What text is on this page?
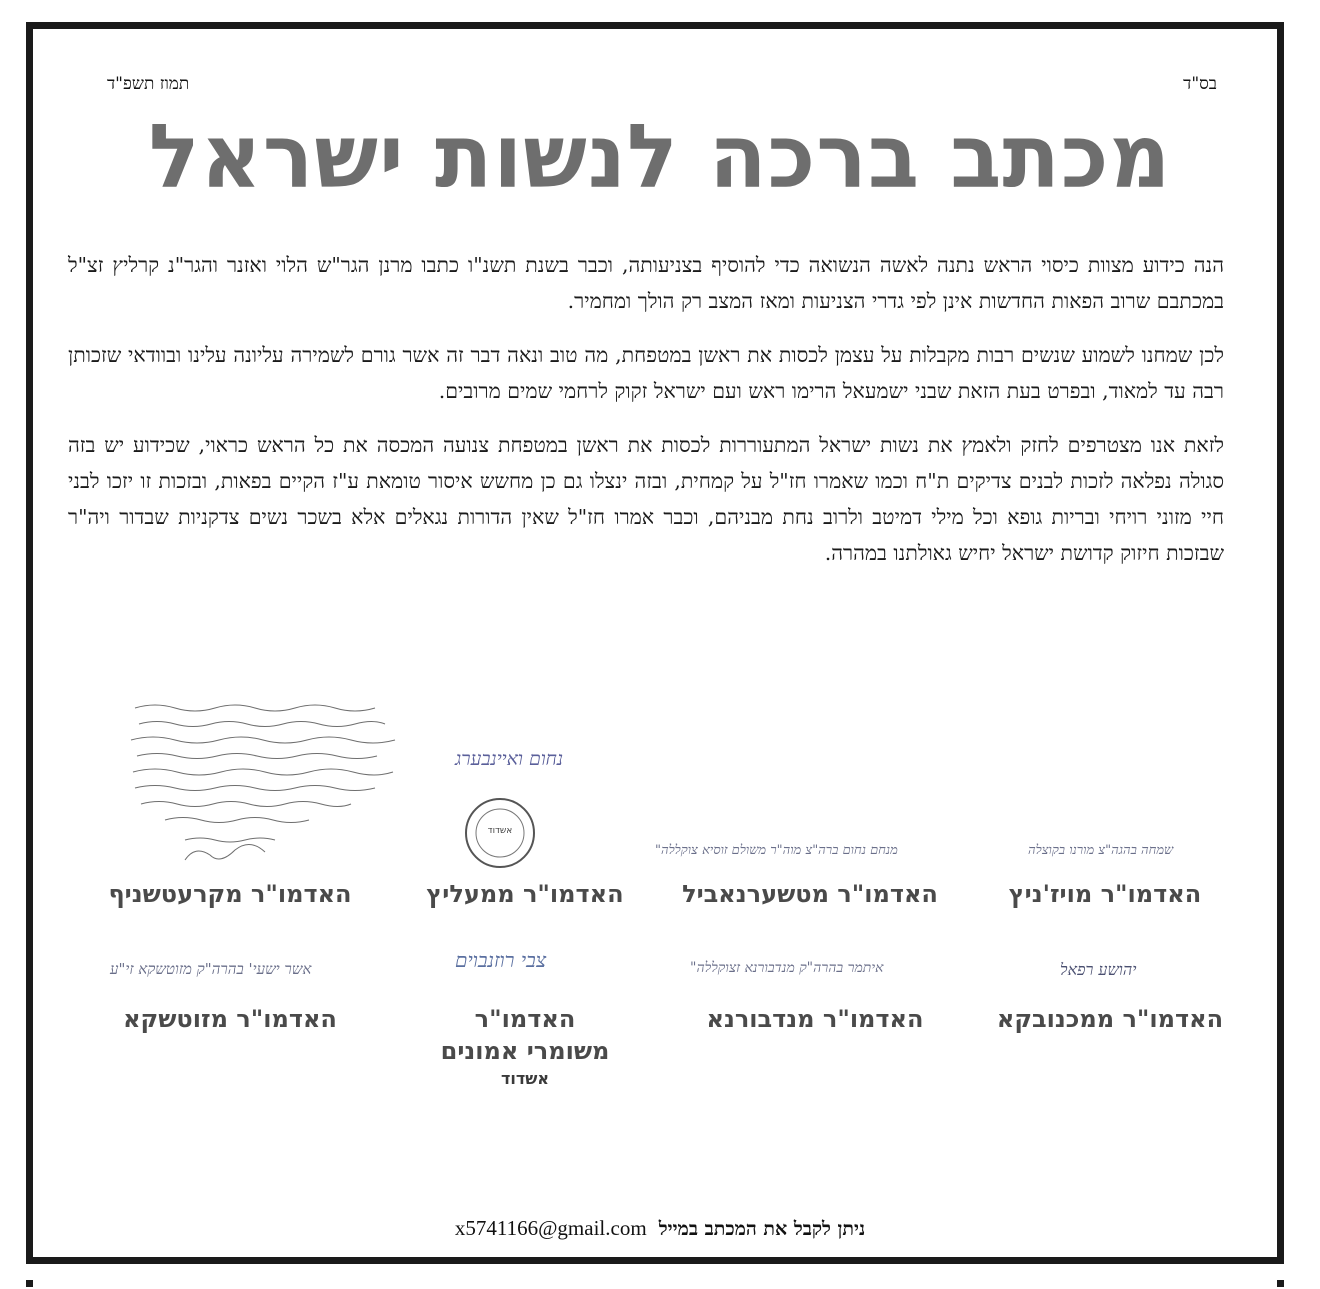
בס"ד
תמוז תשפ"ד
מכתב ברכה לנשות ישראל

הנה כידוע מצוות כיסוי הראש נתנה לאשה הנשואה כדי להוסיף בצניעותה, וכבר בשנת תשנ"ו כתבו מרנן הגר"ש הלוי ואזנר והגר"נ קרליץ זצ"ל במכתבם שרוב הפאות החדשות אינן לפי גדרי הצניעות ומאז המצב רק הולך ומחמיר.

לכן שמחנו לשמוע שנשים רבות מקבלות על עצמן לכסות את ראשן במטפחת, מה טוב ונאה דבר זה אשר גורם לשמירה עליונה עלינו ובוודאי שזכותן רבה עד למאוד, ובפרט בעת הזאת שבני ישמעאל הרימו ראש ועם ישראל זקוק לרחמי שמים מרובים.

לזאת אנו מצטרפים לחזק ולאמץ את נשות ישראל המתעוררות לכסות את ראשן במטפחת צנועה המכסה את כל הראש כראוי, שכידוע יש בזה סגולה נפלאה לזכות לבנים צדיקים ת"ח וכמו שאמרו חז"ל על קמחית, ובזה ינצלו גם כן מחשש איסור טומאת ע"ז הקיים בפאות, ובזכות זו יזכו לבני חיי מזוני רויחי ובריות גופא וכל מילי דמיטב ולרוב נחת מבניהם, וכבר אמרו חז"ל שאין הדורות נגאלים אלא בשכר נשים צדקניות שבדור ויה"ר שבזכות חיזוק קדושת ישראל יחיש גאולתנו במהרה.

נחום ואיינבערג
אשדוד
שמחה בהגה"צ מורנו בקוצלה
מנחם נחום ברה"צ מוה"ר משולם זוסיא צוקללה"
האדמו"ר מויז'ניץ
האדמו"ר מטשערנאביל
האדמו"ר ממעליץ
האדמו"ר מקרעטשניף
יהושע רפאל
איתמר בהרה"ק מנדבורנא זצוקללה"
צבי רוזנבוים
אשר ישעי' בהרה"ק מזוטשקא זי"ע
האדמו"ר ממכנובקא
האדמו"ר מנדבורנא
האדמו"ר
משומרי אמונים
אשדוד
האדמו"ר מזוטשקא
ניתן לקבל את המכתב במייל x5741166@gmail.com
